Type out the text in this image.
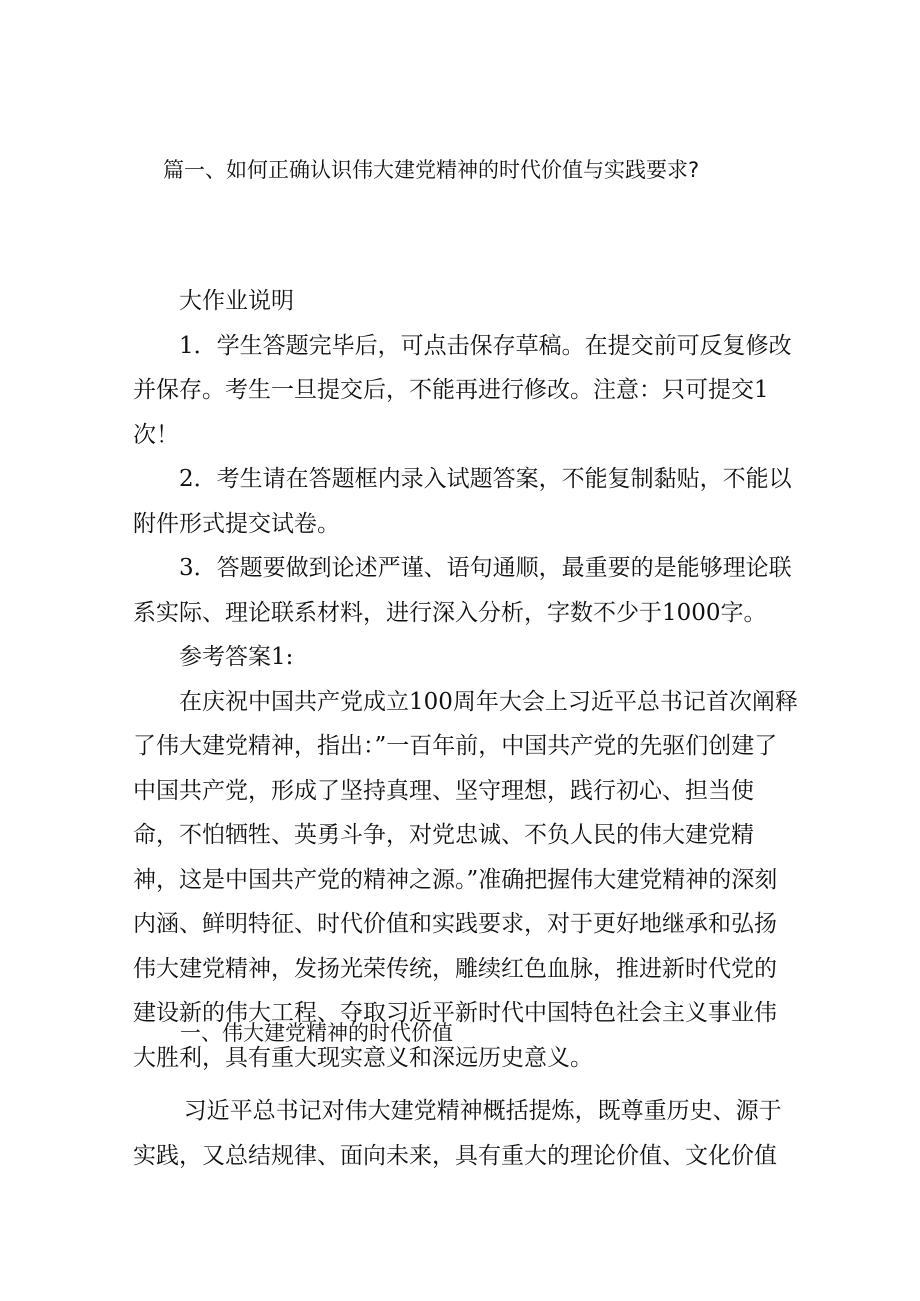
篇一、如何正确认识伟大建党精神的时代价值与实践要求?

大作业说明

1．学生答题完毕后，可点击保存草稿。在提交前可反复修改并保存。考生一旦提交后，不能再进行修改。注意：只可提交1次！

2．考生请在答题框内录入试题答案，不能复制黏贴，不能以附件形式提交试卷。

3．答题要做到论述严谨、语句通顺，最重要的是能够理论联系实际、理论联系材料，进行深入分析，字数不少于1000字。

参考答案1:

在庆祝中国共产党成立100周年大会上习近平总书记首次阐释了伟大建党精神，指出：”一百年前，中国共产党的先驱们创建了中国共产党，形成了坚持真理、坚守理想，践行初心、担当使命，不怕牺牲、英勇斗争，对党忠诚、不负人民的伟大建党精神，这是中国共产党的精神之源。”准确把握伟大建党精神的深刻内涵、鲜明特征、时代价值和实践要求，对于更好地继承和弘扬伟大建党精神，发扬光荣传统，雕续红色血脉，推进新时代党的建设新的伟大工程、夺取习近平新时代中国特色社会主义事业伟大胜利，具有重大现实意义和深远历史意义。

一、伟大建党精神的时代价值

习近平总书记对伟大建党精神概括提炼，既尊重历史、源于实践，又总结规律、面向未来，具有重大的理论价值、文化价值
